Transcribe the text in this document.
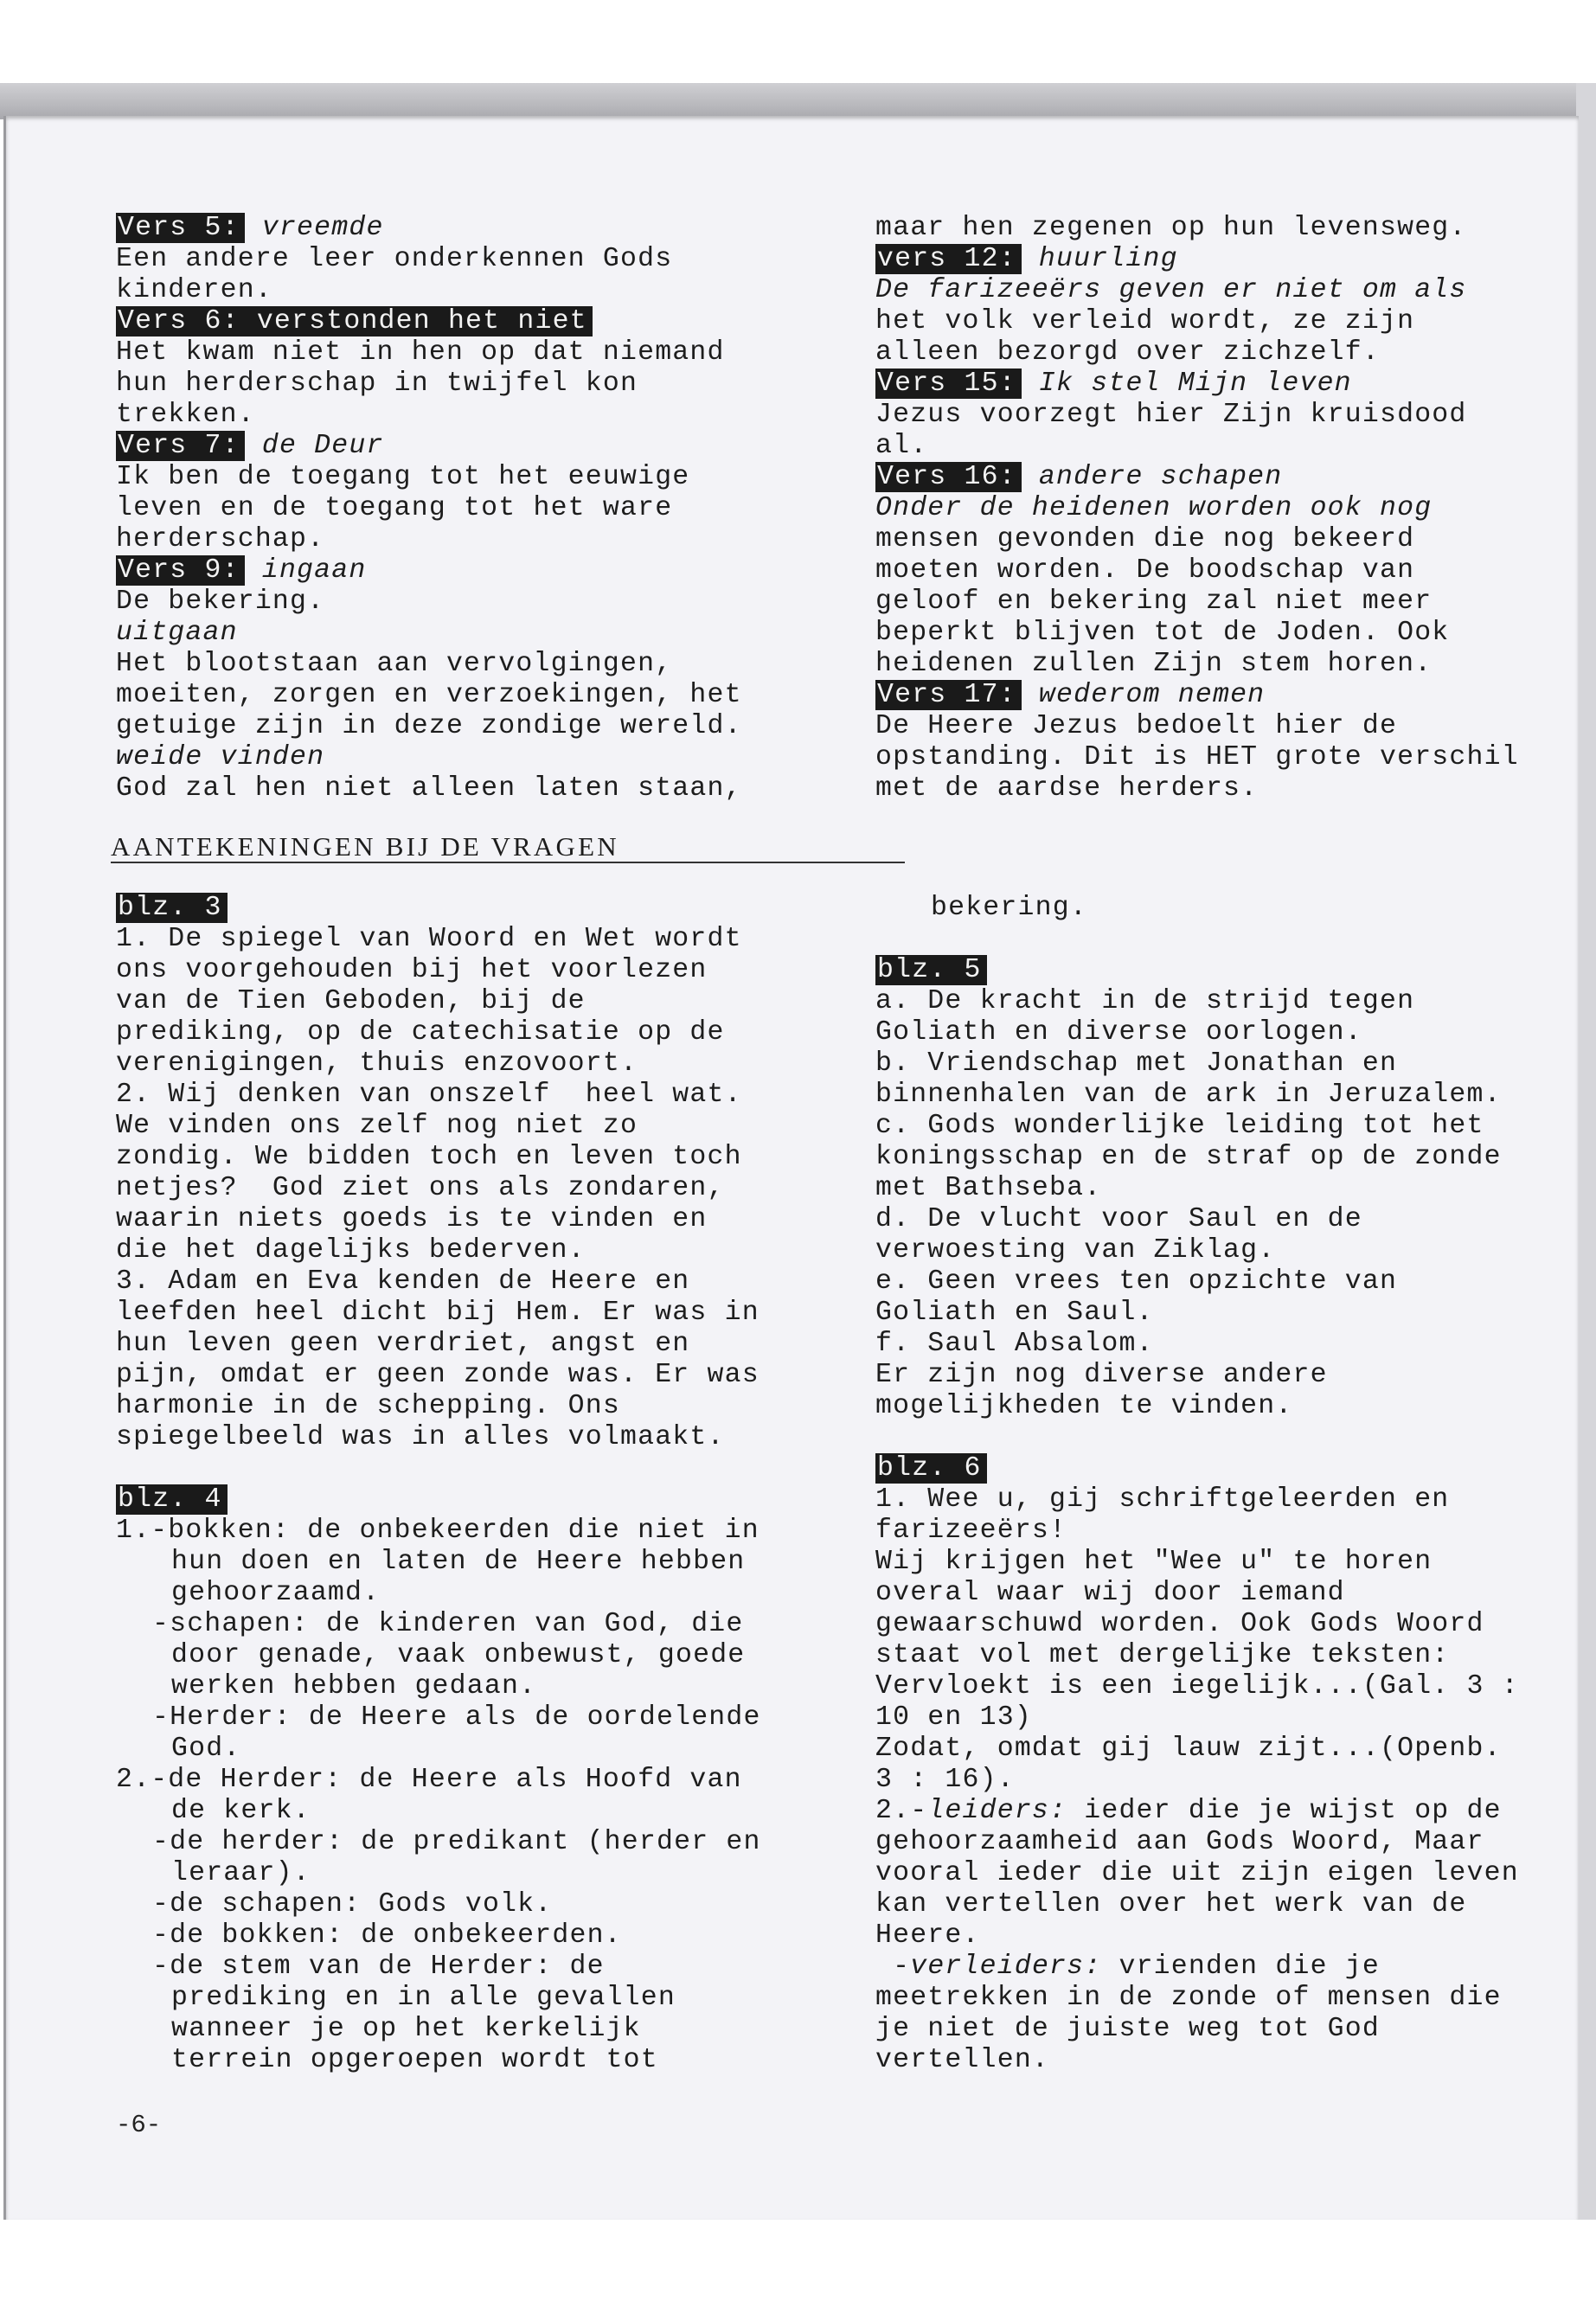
Vers 5: vreemde
Een andere leer onderkennen Gods
kinderen.
Vers 6: verstonden het niet
Het kwam niet in hen op dat niemand
hun herderschap in twijfel kon
trekken.
Vers 7: de Deur
Ik ben de toegang tot het eeuwige
leven en de toegang tot het ware
herderschap.
Vers 9: ingaan
De bekering.
uitgaan
Het blootstaan aan vervolgingen,
moeiten, zorgen en verzoekingen, het
getuige zijn in deze zondige wereld.
weide vinden
God zal hen niet alleen laten staan,
maar hen zegenen op hun levensweg.
vers 12: huurling
De farizeeërs geven er niet om als
het volk verleid wordt, ze zijn
alleen bezorgd over zichzelf.
Vers 15: Ik stel Mijn leven
Jezus voorzegt hier Zijn kruisdood
al.
Vers 16: andere schapen
Onder de heidenen worden ook nog
mensen gevonden die nog bekeerd
moeten worden. De boodschap van
geloof en bekering zal niet meer
beperkt blijven tot de Joden. Ook
heidenen zullen Zijn stem horen.
Vers 17: wederom nemen
De Heere Jezus bedoelt hier de
opstanding. Dit is HET grote verschil
met de aardse herders.
AANTEKENINGEN BIJ DE VRAGEN
blz. 3
1. De spiegel van Woord en Wet wordt
ons voorgehouden bij het voorlezen
van de Tien Geboden, bij de
prediking, op de catechisatie op de
verenigingen, thuis enzovoort.
2. Wij denken van onszelf  heel wat.
We vinden ons zelf nog niet zo
zondig. We bidden toch en leven toch
netjes?  God ziet ons als zondaren,
waarin niets goeds is te vinden en
die het dagelijks bederven.
3. Adam en Eva kenden de Heere en
leefden heel dicht bij Hem. Er was in
hun leven geen verdriet, angst en
pijn, omdat er geen zonde was. Er was
harmonie in de schepping. Ons
spiegelbeeld was in alles volmaakt.

blz. 4
1.-bokken: de onbekeerden die niet in
hun doen en laten de Heere hebben
gehoorzaamd.
-schapen: de kinderen van God, die
door genade, vaak onbewust, goede
werken hebben gedaan.
-Herder: de Heere als de oordelende
God.
2.-de Herder: de Heere als Hoofd van
de kerk.
-de herder: de predikant (herder en
leraar).
-de schapen: Gods volk.
-de bokken: de onbekeerden.
-de stem van de Herder: de
prediking en in alle gevallen
wanneer je op het kerkelijk
terrein opgeroepen wordt tot
bekering.

blz. 5
a. De kracht in de strijd tegen
Goliath en diverse oorlogen.
b. Vriendschap met Jonathan en
binnenhalen van de ark in Jeruzalem.
c. Gods wonderlijke leiding tot het
koningsschap en de straf op de zonde
met Bathseba.
d. De vlucht voor Saul en de
verwoesting van Ziklag.
e. Geen vrees ten opzichte van
Goliath en Saul.
f. Saul Absalom.
Er zijn nog diverse andere
mogelijkheden te vinden.

blz. 6
1. Wee u, gij schriftgeleerden en
farizeeërs!
Wij krijgen het "Wee u" te horen
overal waar wij door iemand
gewaarschuwd worden. Ook Gods Woord
staat vol met dergelijke teksten:
Vervloekt is een iegelijk...(Gal. 3 :
10 en 13)
Zodat, omdat gij lauw zijt...(Openb.
3 : 16).
2.-leiders: ieder die je wijst op de
gehoorzaamheid aan Gods Woord, Maar
vooral ieder die uit zijn eigen leven
kan vertellen over het werk van de
Heere.
-verleiders: vrienden die je
meetrekken in de zonde of mensen die
je niet de juiste weg tot God
vertellen.
-6-
